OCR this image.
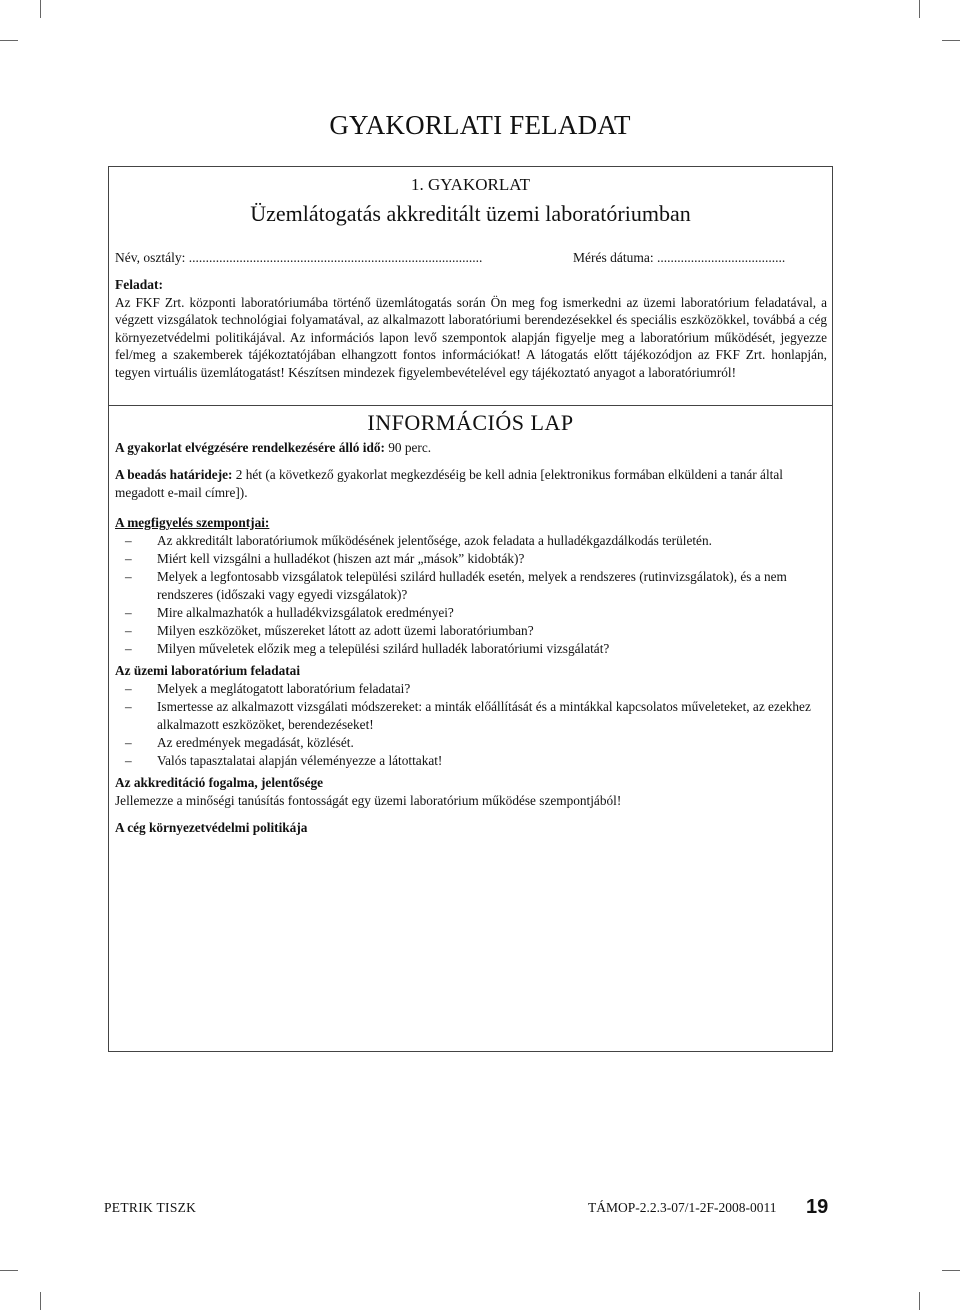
GYAKORLATI FELADAT
1. GYAKORLAT
Üzemlátogatás akkreditált üzemi laboratóriumban
Név, osztály: .......................................................................................	Mérés dátuma: ......................................
Feladat:

Az FKF Zrt. központi laboratóriumába történő üzemlátogatás során Ön meg fog ismerkedni az üzemi laboratórium feladatával, a végzett vizsgálatok technológiai folyamatával, az alkalmazott laboratóriumi berendezésekkel és speciális eszközökkel, továbbá a cég környezetvédelmi politikájával. Az információs lapon levő szempontok alapján figyelje meg a laboratórium működését, jegyezze fel/meg a szakemberek tájékoztatójában elhangzott fontos információkat! A látogatás előtt tájékozódjon az FKF Zrt. honlapján, tegyen virtuális üzemlátogatást! Készítsen mindezek figyelembevételével egy tájékoztató anyagot a laboratóriumról!

INFORMÁCIÓS LAP
A gyakorlat elvégzésére rendelkezésére álló idő: 90 perc.

A beadás határideje: 2 hét (a következő gyakorlat megkezdéséig be kell adnia [elektronikus formában elküldeni a tanár által megadott e-mail címre]).

A megfigyelés szempontjai:
– Az akkreditált laboratóriumok működésének jelentősége, azok feladata a hulladékgazdálkodás területén.
– Miért kell vizsgálni a hulladékot (hiszen azt már „mások” kidobták)?
– Melyek a legfontosabb vizsgálatok települési szilárd hulladék esetén, melyek a rendszeres (rutinvizsgálatok), és a nem rendszeres (időszaki vagy egyedi vizsgálatok)?
– Mire alkalmazhatók a hulladékvizsgálatok eredményei?
– Milyen eszközöket, műszereket látott az adott üzemi laboratóriumban?
– Milyen műveletek előzik meg a települési szilárd hulladék laboratóriumi vizsgálatát?
Az üzemi laboratórium feladatai
– Melyek a meglátogatott laboratórium feladatai?
– Ismertesse az alkalmazott vizsgálati módszereket: a minták előállítását és a mintákkal kapcsolatos műveleteket, az ezekhez alkalmazott eszközöket, berendezéseket!
– Az eredmények megadását, közlését.
– Valós tapasztalatai alapján véleményezze a látottakat!
Az akkreditáció fogalma, jelentősége

Jellemezze a minőségi tanúsítás fontosságát egy üzemi laboratórium működése szempontjából!

A cég környezetvédelmi politikája
PETRIK TISZK	TÁMOP-2.2.3-07/1-2F-2008-0011 19
